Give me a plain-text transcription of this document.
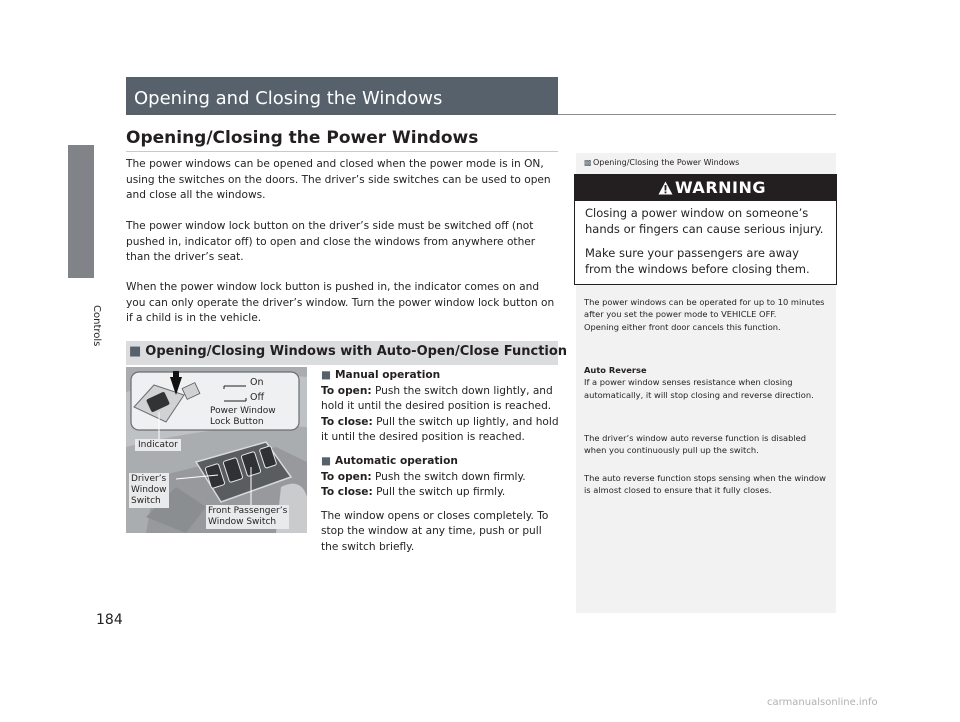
Controls
184
Opening and Closing the Windows
Opening/Closing the Power Windows

The power windows can be opened and closed when the power mode is in ON, using the switches on the doors. The driver’s side switches can be used to open and close all the windows.

The power window lock button on the driver’s side must be switched off (not pushed in, indicator off) to open and close the windows from anywhere other than the driver’s seat.

When the power window lock button is pushed in, the indicator comes on and you can only operate the driver’s window. Turn the power window lock button on if a child is in the vehicle.

■ Opening/Closing Windows with Auto-Open/Close Function
On
Off
Power Window
Lock Button
Indicator
Driver’s
Window
Switch
Front Passenger’s
Window Switch
■ Manual operation
To open: Push the switch down lightly, and hold it until the desired position is reached.
To close: Pull the switch up lightly, and hold it until the desired position is reached.
■ Automatic operation
To open: Push the switch down firmly.
To close: Pull the switch up firmly.
The window opens or closes completely. To stop the window at any time, push or pull the switch briefly.
▩ Opening/Closing the Power Windows
WARNING
Closing a power window on someone’s hands or fingers can cause serious injury.
Make sure your passengers are away from the windows before closing them.
The power windows can be operated for up to 10 minutes after you set the power mode to VEHICLE OFF.
Opening either front door cancels this function.
Auto Reverse
If a power window senses resistance when closing automatically, it will stop closing and reverse direction.
The driver’s window auto reverse function is disabled when you continuously pull up the switch.
The auto reverse function stops sensing when the window is almost closed to ensure that it fully closes.
carmanualsonline.info
